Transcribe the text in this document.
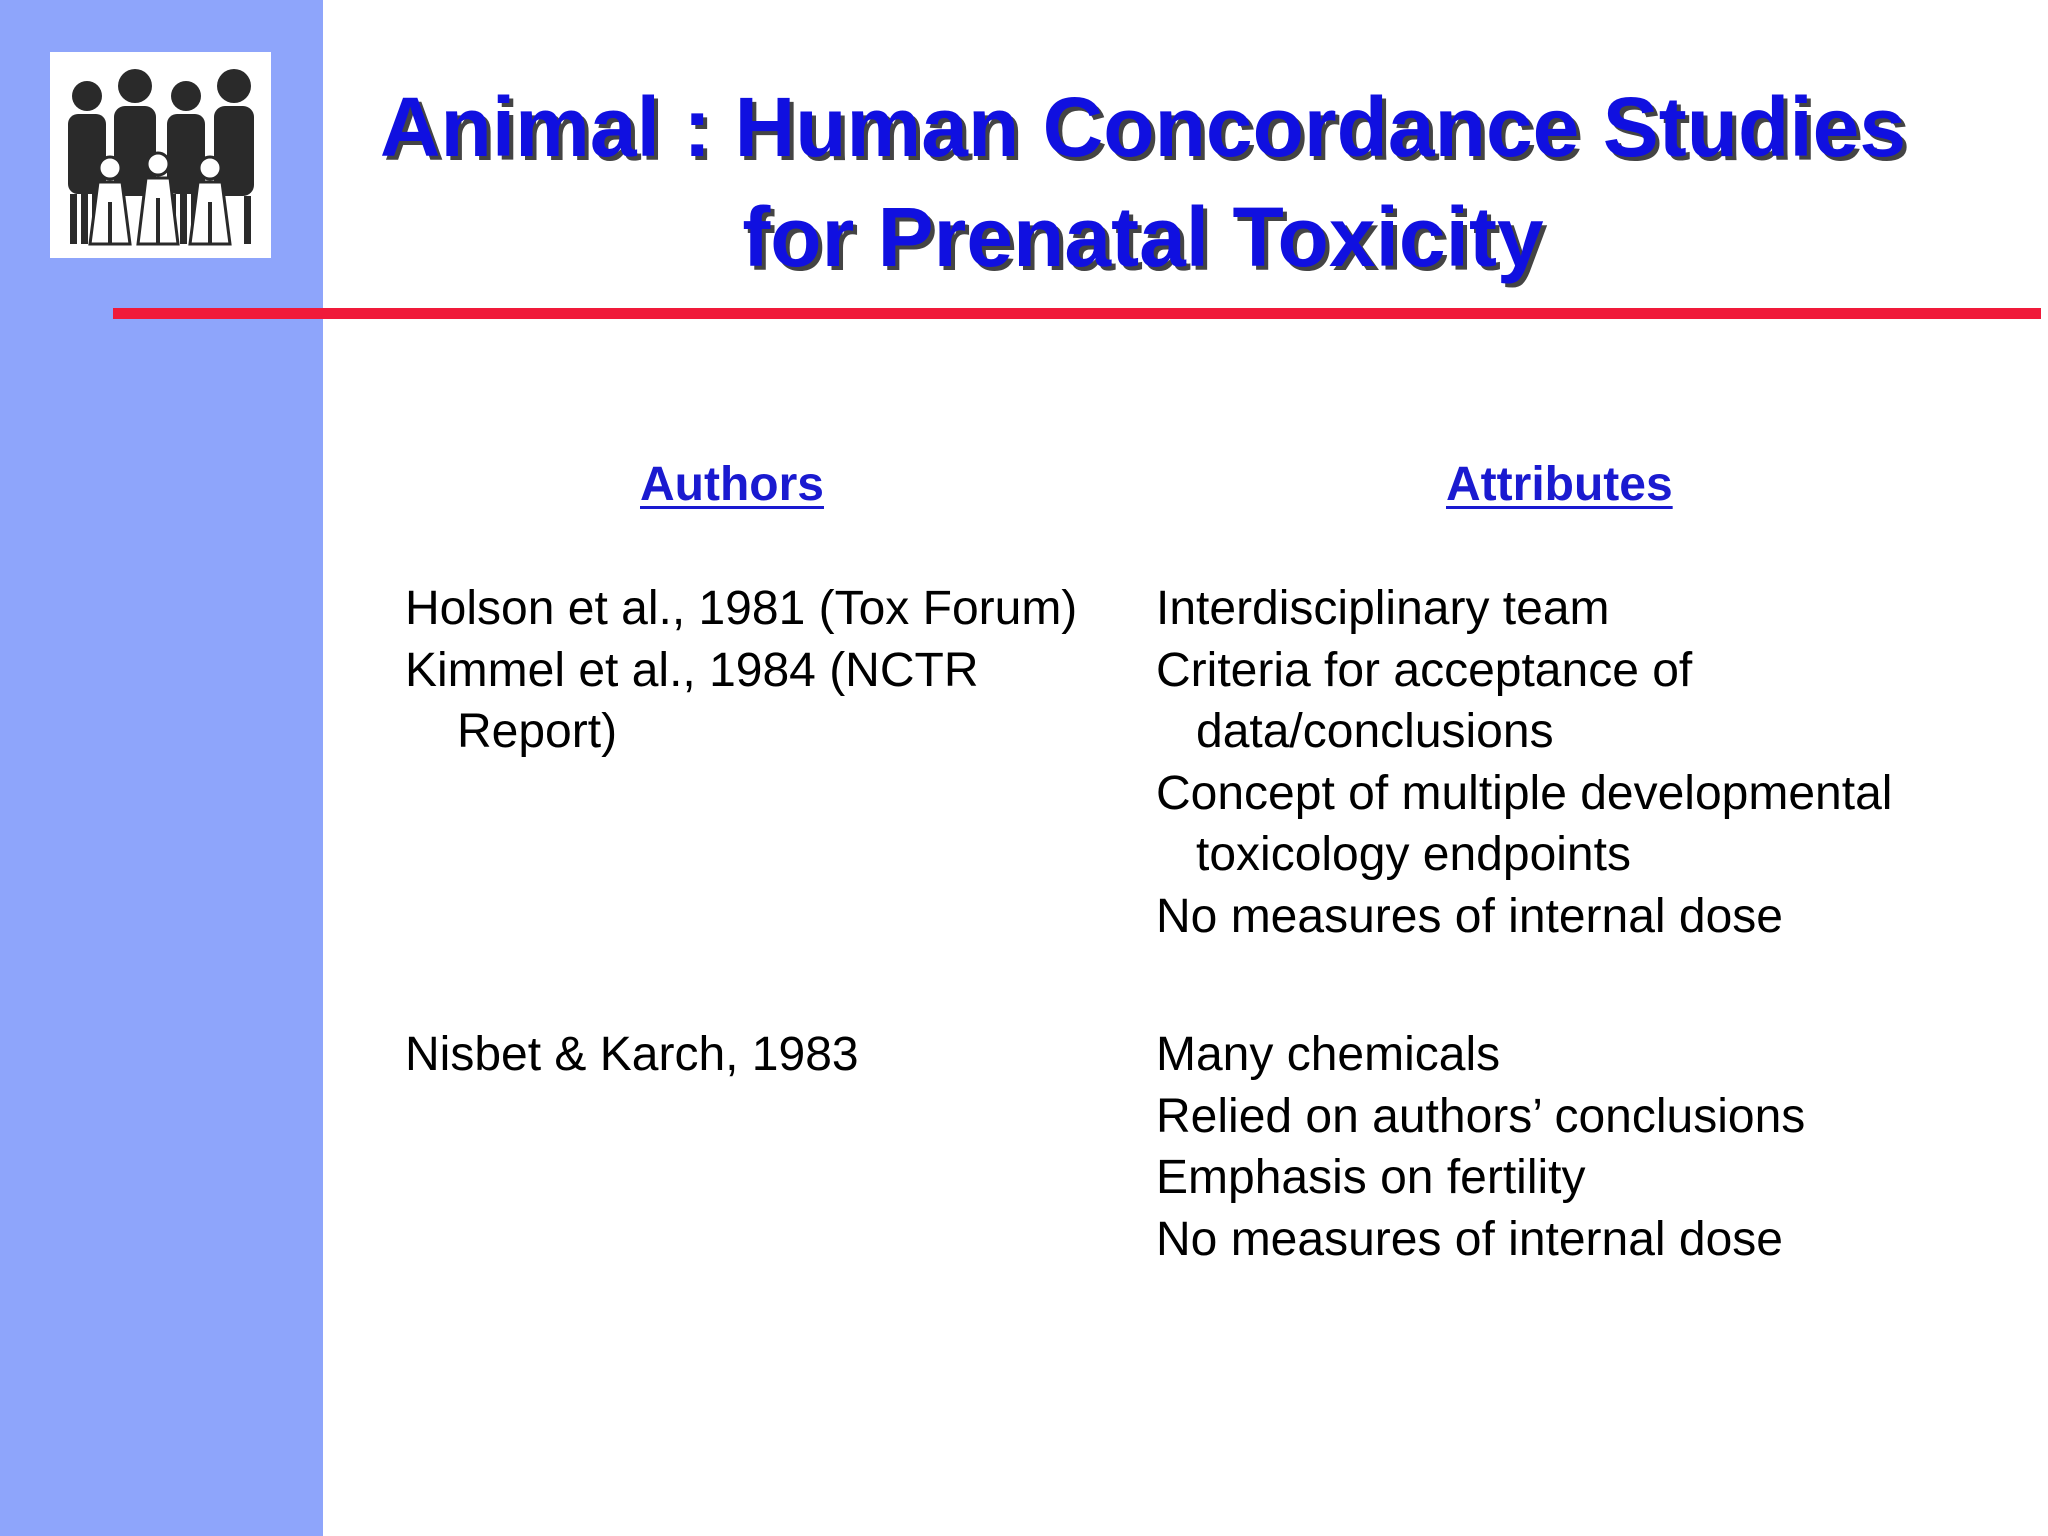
Animal : Human Concordance Studies
for Prenatal Toxicity
Authors	Attributes
Holson et al., 1981 (Tox Forum)
Kimmel et al., 1984 (NCTR Report)
Interdisciplinary team
Criteria for acceptance of data/conclusions
Concept of multiple developmental toxicology endpoints
No measures of internal dose
Nisbet & Karch, 1983	Many chemicals
Relied on authors’ conclusions
Emphasis on fertility
No measures of internal dose
